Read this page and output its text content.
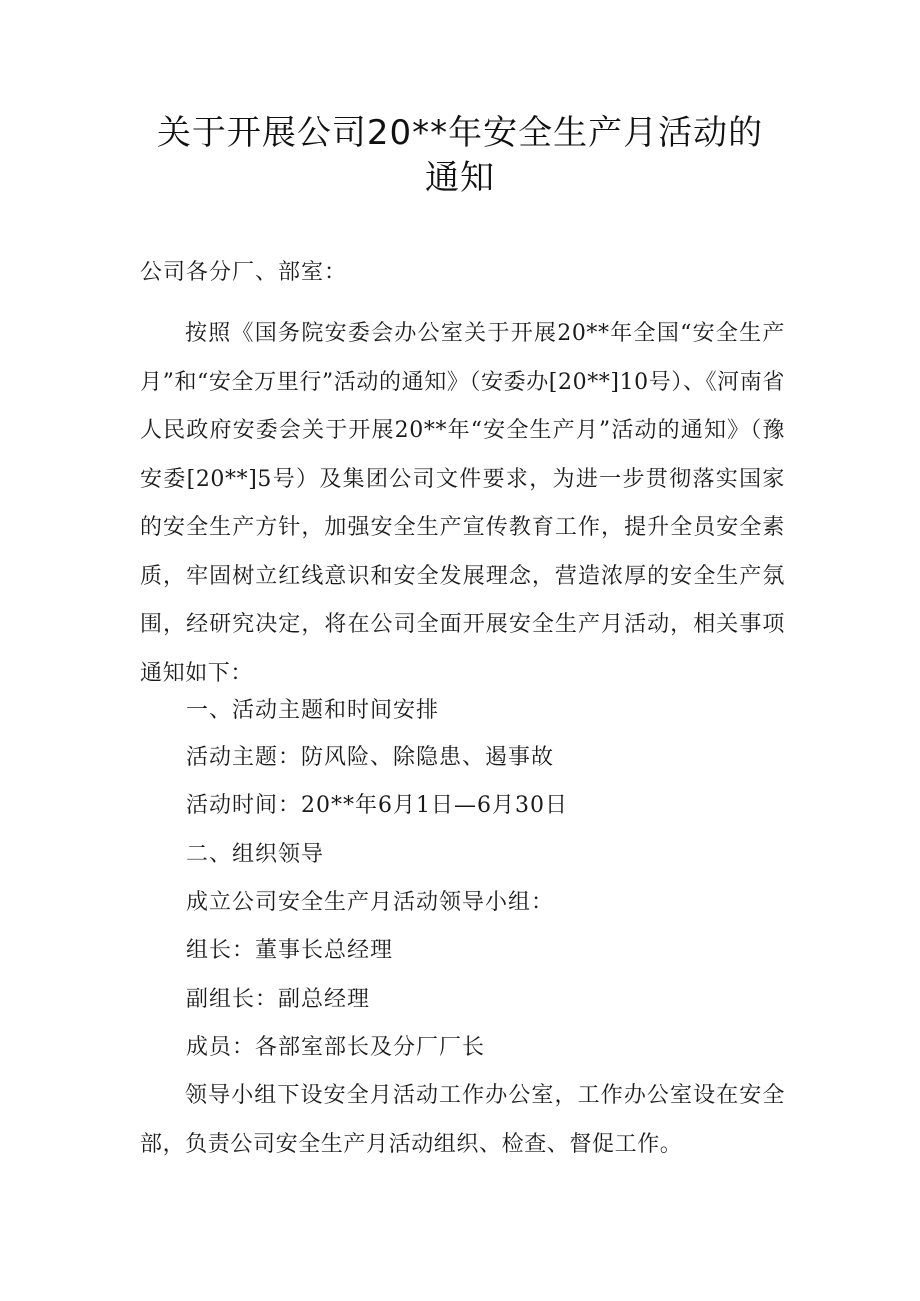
关于开展公司20**年安全生产月活动的
通知
公司各分厂、部室：

按照《国务院安委会办公室关于开展20**年全国“安全生产月”和“安全万里行”活动的通知》（安委办[20**]10号）、《河南省人民政府安委会关于开展20**年“安全生产月”活动的通知》（豫安委[20**]5号）及集团公司文件要求，为进一步贯彻落实国家的安全生产方针，加强安全生产宣传教育工作，提升全员安全素质，牢固树立红线意识和安全发展理念，营造浓厚的安全生产氛围，经研究决定，将在公司全面开展安全生产月活动，相关事项通知如下：

一、活动主题和时间安排
活动主题：防风险、除隐患、遏事故
活动时间：20**年6月1日—6月30日
二、组织领导
成立公司安全生产月活动领导小组：
组长：董事长总经理
副组长：副总经理
成员：各部室部长及分厂厂长

领导小组下设安全月活动工作办公室，工作办公室设在安全部，负责公司安全生产月活动组织、检查、督促工作。
